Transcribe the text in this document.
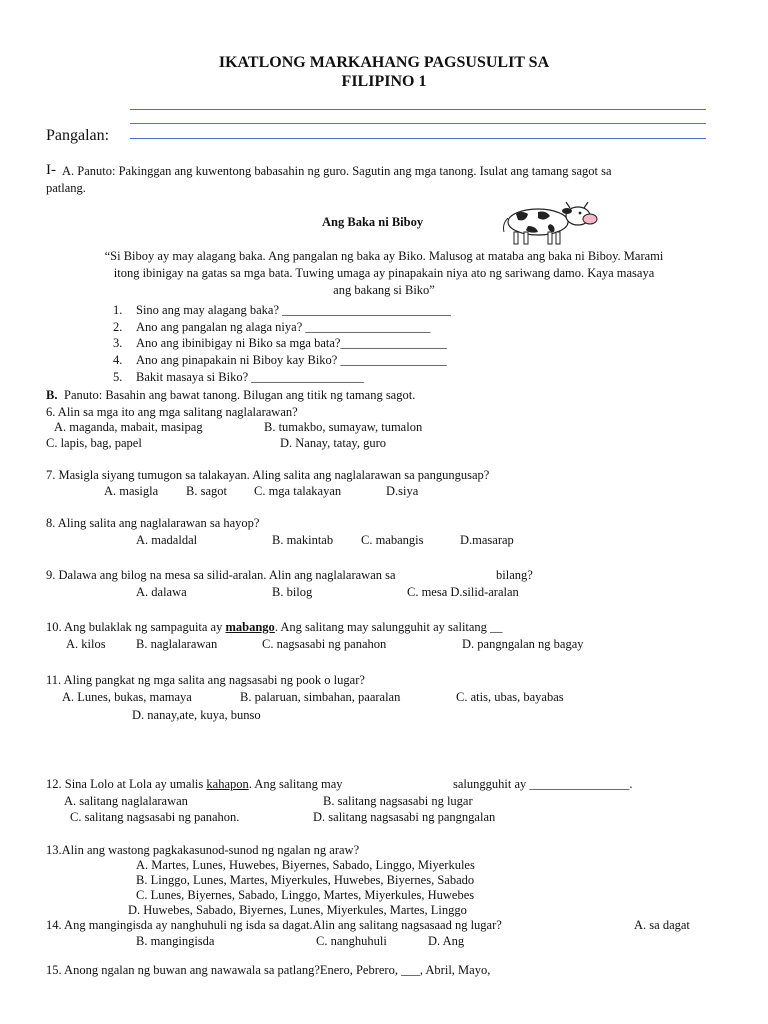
IKATLONG MARKAHANG PAGSUSULIT SA
FILIPINO 1
Pangalan:
I- A. Panuto: Pakinggan ang kuwentong babasahin ng guro. Sagutin ang mga tanong. Isulat ang tamang sagot sa
patlang.
Ang Baka ni Biboy
“Si Biboy ay may alagang baka. Ang pangalan ng baka ay Biko. Malusog at mataba ang baka ni Biboy. Marami
itong ibinigay na gatas sa mga bata. Tuwing umaga ay pinapakain niya ato ng sariwang damo. Kaya masaya
ang bakang si Biko”
1. Sino ang may alagang baka? ___________________________
2. Ano ang pangalan ng alaga niya? ____________________
3. Ano ang ibinibigay ni Biko sa mga bata?_________________
4. Ano ang pinapakain ni Biboy kay Biko? _________________
5. Bakit masaya si Biko? __________________
B. Panuto: Basahin ang bawat tanong. Bilugan ang titik ng tamang sagot.
6. Alin sa mga ito ang mga salitang naglalarawan?
A. maganda, mabait, masipag	B. tumakbo, sumayaw, tumalon
C. lapis, bag, papel	D. Nanay, tatay, guro
7. Masigla siyang tumugon sa talakayan. Aling salita ang naglalarawan sa pangungusap?
A. masigla B. sagot C. mga talakayan	D.siya
8. Aling salita ang naglalarawan sa hayop?
A. madaldal	B. makintab C. mabangis	D.masarap
9. Dalawa ang bilog na mesa sa silid-aralan. Alin ang naglalarawan sa	bilang?
A. dalawa	B. bilog	C. mesa D.silid-aralan
10. Ang bulaklak ng sampaguita ay mabango. Ang salitang may salungguhit ay salitang __
A. kilos B. naglalarawan	C. nagsasabi ng panahon	D. pangngalan ng bagay
11. Aling pangkat ng mga salita ang nagsasabi ng pook o lugar?
A. Lunes, bukas, mamaya	B. palaruan, simbahan, paaralan	C. atis, ubas, bayabas
D. nanay,ate, kuya, bunso
12. Sina Lolo at Lola ay umalis kahapon. Ang salitang may	salungguhit ay ________________.
A. salitang naglalarawan	B. salitang nagsasabi ng lugar
C. salitang nagsasabi ng panahon.	D. salitang nagsasabi ng pangngalan
13.Alin ang wastong pagkakasunod-sunod ng ngalan ng araw?
A. Martes, Lunes, Huwebes, Biyernes, Sabado, Linggo, Miyerkules
B. Linggo, Lunes, Martes, Miyerkules, Huwebes, Biyernes, Sabado
C. Lunes, Biyernes, Sabado, Linggo, Martes, Miyerkules, Huwebes
D. Huwebes, Sabado, Biyernes, Lunes, Miyerkules, Martes, Linggo
14. Ang mangingisda ay nanghuhuli ng isda sa dagat.Alin ang salitang nagsasaad ng lugar?	A. sa dagat
B. mangingisda	C. nanghuhuli	D. Ang
15. Anong ngalan ng buwan ang nawawala sa patlang?Enero, Pebrero, ___, Abril, Mayo,
